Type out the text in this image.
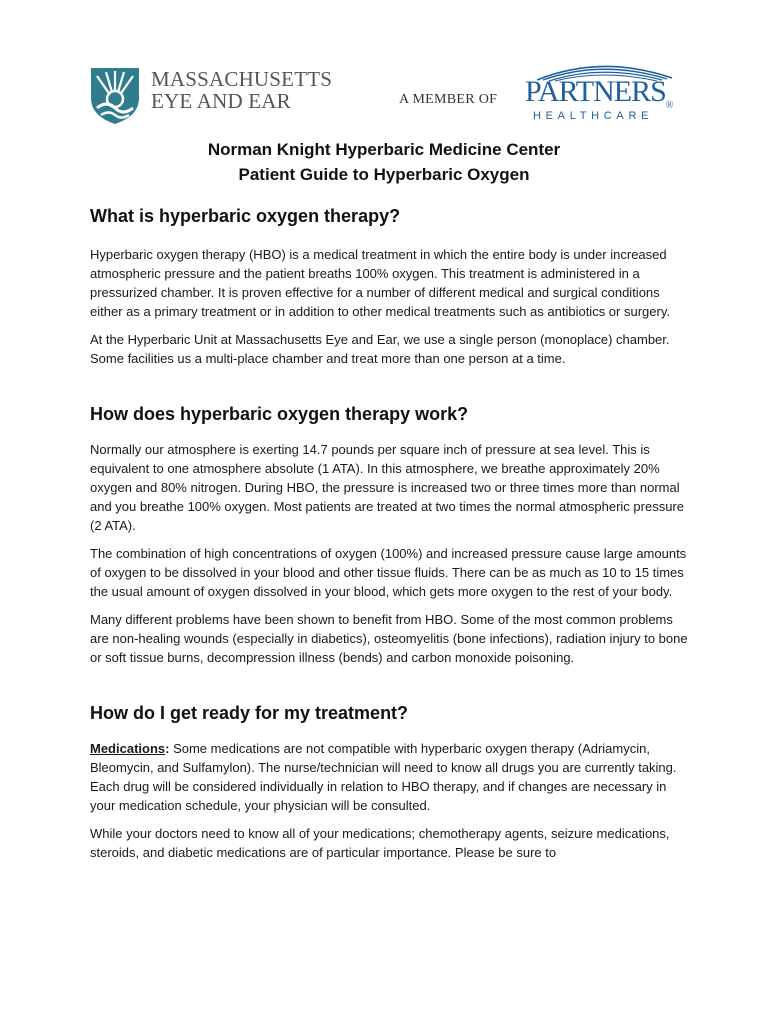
MASSACHUSETTS
EYE AND EAR	A MEMBER OF PARTNERS®
HEALTHCARE
Norman Knight Hyperbaric Medicine Center
Patient Guide to Hyperbaric Oxygen
What is hyperbaric oxygen therapy?

Hyperbaric oxygen therapy (HBO) is a medical treatment in which the entire body is under increased atmospheric pressure and the patient breaths 100% oxygen. This treatment is administered in a pressurized chamber. It is proven effective for a number of different medical and surgical conditions either as a primary treatment or in addition to other medical treatments such as antibiotics or surgery.

At the Hyperbaric Unit at Massachusetts Eye and Ear, we use a single person (monoplace) chamber. Some facilities us a multi-place chamber and treat more than one person at a time.

How does hyperbaric oxygen therapy work?

Normally our atmosphere is exerting 14.7 pounds per square inch of pressure at sea level. This is equivalent to one atmosphere absolute (1 ATA). In this atmosphere, we breathe approximately 20% oxygen and 80% nitrogen. During HBO, the pressure is increased two or three times more than normal and you breathe 100% oxygen. Most patients are treated at two times the normal atmospheric pressure (2 ATA).

The combination of high concentrations of oxygen (100%) and increased pressure cause large amounts of oxygen to be dissolved in your blood and other tissue fluids. There can be as much as 10 to 15 times the usual amount of oxygen dissolved in your blood, which gets more oxygen to the rest of your body.

Many different problems have been shown to benefit from HBO. Some of the most common problems are non-healing wounds (especially in diabetics), osteomyelitis (bone infections), radiation injury to bone or soft tissue burns, decompression illness (bends) and carbon monoxide poisoning.

How do I get ready for my treatment?

Medications: Some medications are not compatible with hyperbaric oxygen therapy (Adriamycin, Bleomycin, and Sulfamylon). The nurse/technician will need to know all drugs you are currently taking. Each drug will be considered individually in relation to HBO therapy, and if changes are necessary in your medication schedule, your physician will be consulted.

While your doctors need to know all of your medications; chemotherapy agents, seizure medications, steroids, and diabetic medications are of particular importance. Please be sure to
